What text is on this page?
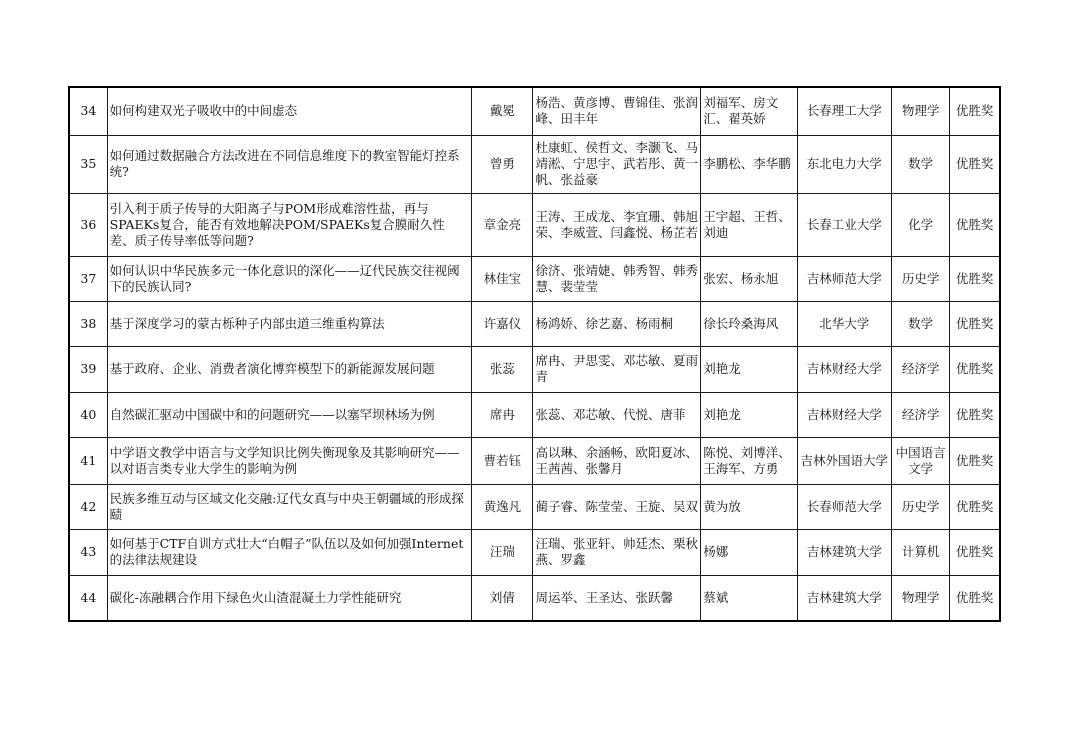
34	如何构建双光子吸收中的中间虚态	戴冕	杨浩、黄彦博、曹锦佳、张润峰、田丰年	刘福军、房文汇、翟英娇	长春理工大学	物理学	优胜奖
35	如何通过数据融合方法改进在不同信息维度下的教室智能灯控系统?	曾勇	杜康虹、侯哲文、李灏飞、马靖淞、宁思宇、武若彤、黄一帆、张益豪	李鹏松、李华鹏	东北电力大学	数学	优胜奖
36	引入利于质子传导的大阳离子与POM形成难溶性盐，再与SPAEKs复合，能否有效地解决POM/SPAEKs复合膜耐久性差、质子传导率低等问题?	章金亮	王涛、王成龙、李宜珊、韩旭荣、李威萱、闫鑫悦、杨芷若	王宇超、王哲、刘迪	长春工业大学	化学	优胜奖
37	如何认识中华民族多元一体化意识的深化——辽代民族交往视阈下的民族认同?	林佳宝	徐济、张靖婕、韩秀智、韩秀慧、裴莹莹	张宏、杨永旭	吉林师范大学	历史学	优胜奖
38	基于深度学习的蒙古栎种子内部虫道三维重构算法	许嘉仪	杨鸿娇、徐艺嘉、杨雨桐	徐长玲桑海风	北华大学	数学	优胜奖
39	基于政府、企业、消费者演化博弈模型下的新能源发展问题	张蕊	席冉、尹思雯、邓芯敏、夏雨青	刘艳龙	吉林财经大学	经济学	优胜奖
40	自然碳汇驱动中国碳中和的问题研究——以塞罕坝林场为例	席冉	张蕊、邓芯敏、代悦、唐菲	刘艳龙	吉林财经大学	经济学	优胜奖
41	中学语文教学中语言与文学知识比例失衡现象及其影响研究——以对语言类专业大学生的影响为例	曹若钰	高以琳、余涵畅、欧阳夏冰、王茜茜、张馨月	陈悦、刘博洋、王海军、方勇	吉林外国语大学	中国语言文学	优胜奖
42	民族多维互动与区域文化交融:辽代女真与中央王朝疆域的形成探赜	黄逸凡	蔺子睿、陈莹莹、王旋、吴双	黄为放	长春师范大学	历史学	优胜奖
43	如何基于CTF自训方式壮大“白帽子”队伍以及如何加强Internet的法律法规建设	汪瑞	汪瑞、张亚轩、帅廷杰、栗秋燕、罗鑫	杨娜	吉林建筑大学	计算机	优胜奖
44	碳化-冻融耦合作用下绿色火山渣混凝土力学性能研究	刘倩	周运举、王圣达、张跃馨	蔡斌	吉林建筑大学	物理学	优胜奖
